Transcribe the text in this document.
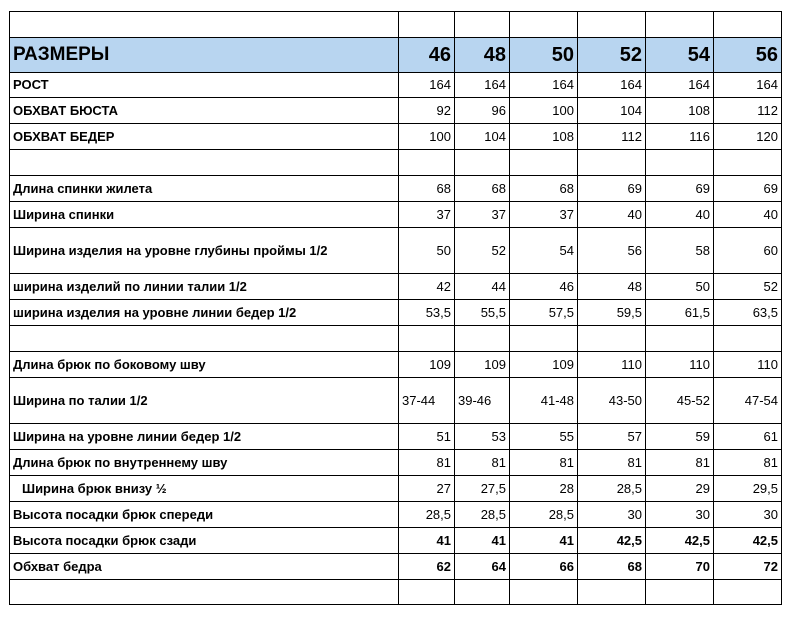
РАЗМЕРЫ	46	48	50	52	54	56
РОСТ	164	164	164	164	164	164
ОБХВАТ БЮСТА	92	96	100	104	108	112
ОБХВАТ БЕДЕР	100	104	108	112	116	120

Длина спинки жилета	68	68	68	69	69	69
Ширина спинки	37	37	37	40	40	40
Ширина изделия на уровне глубины проймы 1/2	50	52	54	56	58	60
ширина изделий по линии талии 1/2	42	44	46	48	50	52
ширина изделия на уровне линии бедер 1/2	53,5	55,5	57,5	59,5	61,5	63,5

Длина брюк по боковому шву	109	109	109	110	110	110
Ширина по талии 1/2	37-44	39-46	41-48	43-50	45-52	47-54
Ширина на уровне линии бедер 1/2	51	53	55	57	59	61
Длина брюк по внутреннему шву	81	81	81	81	81	81
Ширина брюк внизу ½	27	27,5	28	28,5	29	29,5
Высота посадки брюк спереди	28,5	28,5	28,5	30	30	30
Высота посадки брюк сзади	41	41	41	42,5	42,5	42,5
Обхват бедра	62	64	66	68	70	72
